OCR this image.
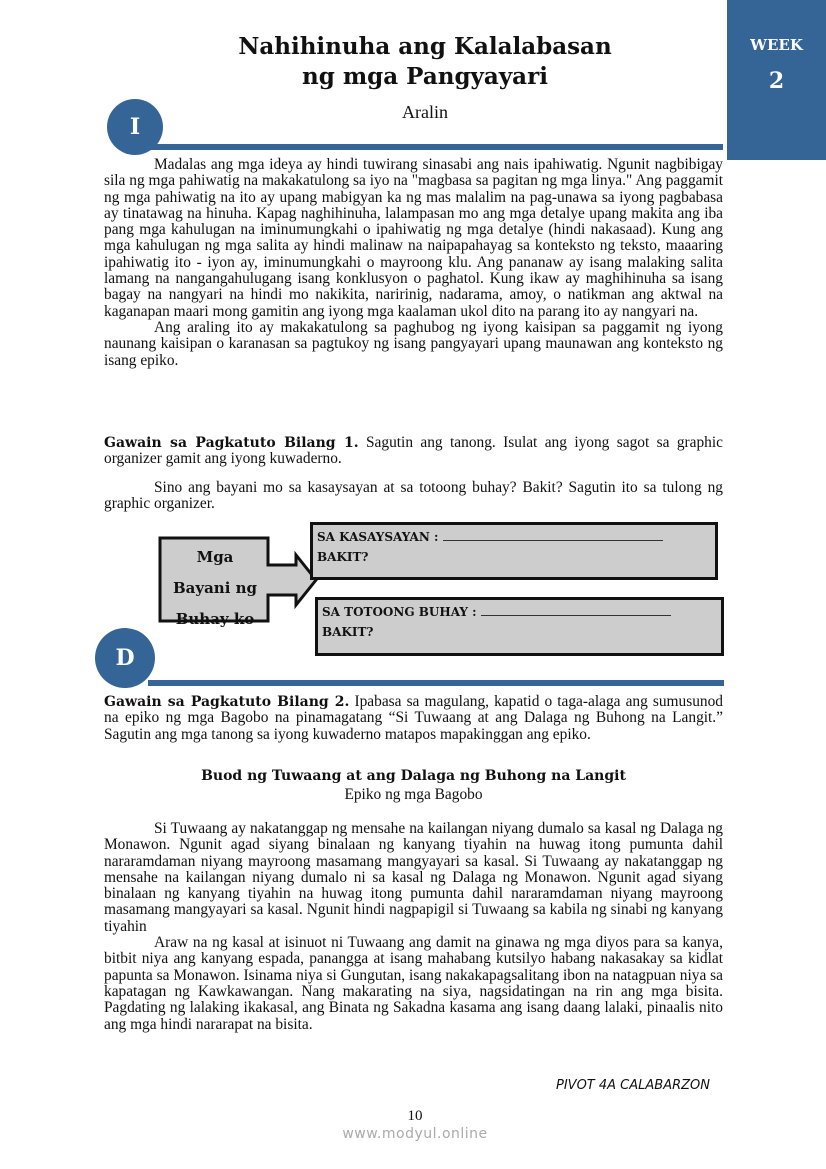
WEEK
2
Nahihinuha ang Kalalabasan
ng mga Pangyayari
Aralin
I

Madalas ang mga ideya ay hindi tuwirang sinasabi ang nais ipahiwatig. Ngunit nagbibigay sila ng mga pahiwatig na makakatulong sa iyo na "magbasa sa pagitan ng mga linya." Ang paggamit ng mga pahiwatig na ito ay upang mabigyan ka ng mas malalim na pag-unawa sa iyong pagbabasa ay tinatawag na hinuha. Kapag naghihinuha, lalampasan mo ang mga detalye upang makita ang iba pang mga kahulugan na iminumungkahi o ipahiwatig ng mga detalye (hindi nakasaad). Kung ang mga kahulugan ng mga salita ay hindi malinaw na naipapahayag sa konteksto ng teksto, maaaring ipahiwatig ito - iyon ay, iminumungkahi o mayroong klu. Ang pananaw ay isang malaking salita lamang na nangangahulugang isang konklusyon o paghatol. Kung ikaw ay maghihinuha sa isang bagay na nangyari na hindi mo nakikita, naririnig, nadarama, amoy, o natikman ang aktwal na kaganapan maari mong gamitin ang iyong mga kaalaman ukol dito na parang ito ay nangyari na.

Ang araling ito ay makakatulong sa paghubog ng iyong kaisipan sa paggamit ng iyong naunang kaisipan o karanasan sa pagtukoy ng isang pangyayari upang maunawan ang konteksto ng isang epiko.

Gawain sa Pagkatuto Bilang 1. Sagutin ang tanong. Isulat ang iyong sagot sa graphic organizer gamit ang iyong kuwaderno.

Sino ang bayani mo sa kasaysayan at sa totoong buhay? Bakit? Sagutin ito sa tulong ng graphic organizer.

Mga
Bayani ng
Buhay ko
SA KASAYSAYAN :
BAKIT?
SA TOTOONG BUHAY :
BAKIT?
D

Gawain sa Pagkatuto Bilang 2. Ipabasa sa magulang, kapatid o taga-alaga ang sumusunod na epiko ng mga Bagobo na pinamagatang “Si Tuwaang at ang Dalaga ng Buhong na Langit.” Sagutin ang mga tanong sa iyong kuwaderno matapos mapakinggan ang epiko.

Buod ng Tuwaang at ang Dalaga ng Buhong na Langit
Epiko ng mga Bagobo

Si Tuwaang ay nakatanggap ng mensahe na kailangan niyang dumalo sa kasal ng Dalaga ng Monawon. Ngunit agad siyang binalaan ng kanyang tiyahin na huwag itong pumunta dahil nararamdaman niyang mayroong masamang mangyayari sa kasal. Si Tuwaang ay nakatanggap ng mensahe na kailangan niyang dumalo ni sa kasal ng Dalaga ng Monawon. Ngunit agad siyang binalaan ng kanyang tiyahin na huwag itong pumunta dahil nararamdaman niyang mayroong masamang mangyayari sa kasal. Ngunit hindi nagpapigil si Tuwaang sa kabila ng sinabi ng kanyang tiyahin

Araw na ng kasal at isinuot ni Tuwaang ang damit na ginawa ng mga diyos para sa kanya, bitbit niya ang kanyang espada, panangga at isang mahabang kutsilyo habang nakasakay sa kidlat papunta sa Monawon. Isinama niya si Gungutan, isang nakakapagsalitang ibon na natagpuan niya sa kapatagan ng Kawkawangan. Nang makarating na siya, nagsidatingan na rin ang mga bisita. Pagdating ng lalaking ikakasal, ang Binata ng Sakadna kasama ang isang daang lalaki, pinaalis nito ang mga hindi nararapat na bisita.

PIVOT 4A CALABARZON
10
www.modyul.online
